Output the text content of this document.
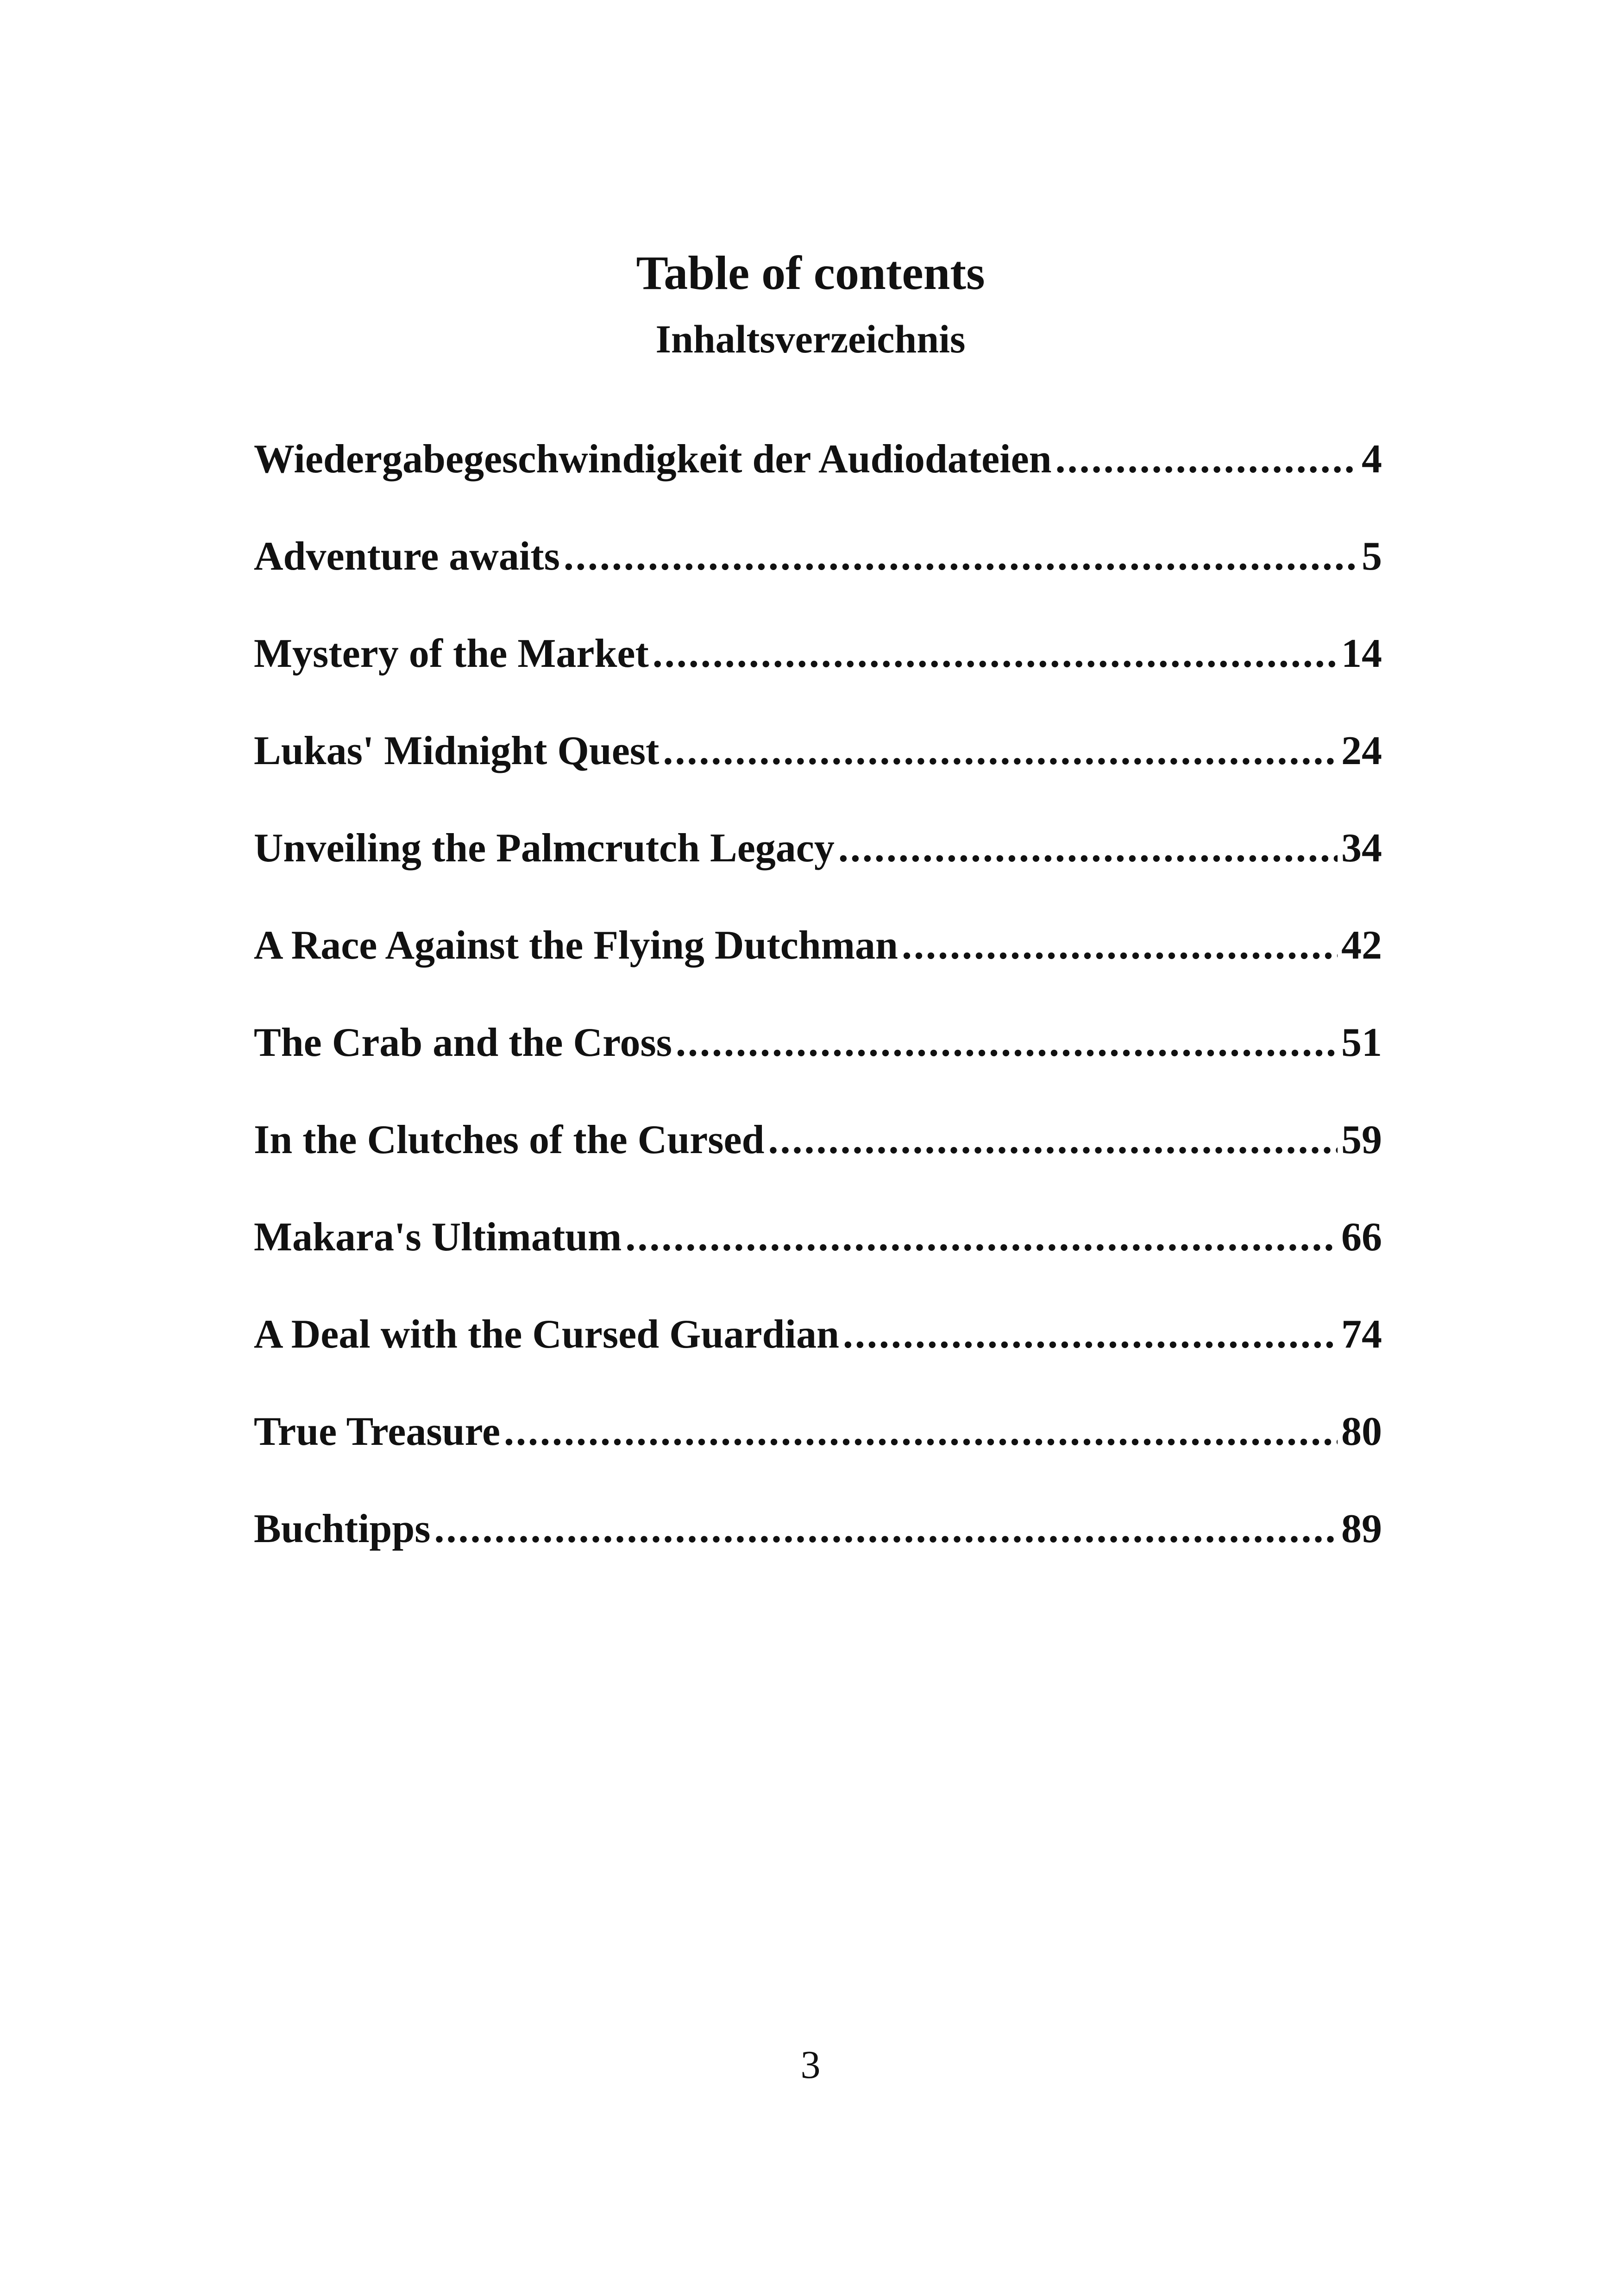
Table of contents
Inhaltsverzeichnis
Wiedergabegeschwindigkeit der Audiodateien .....	4
Adventure awaits .....	5
Mystery of the Market .....	14
Lukas' Midnight Quest .....	24
Unveiling the Palmcrutch Legacy .....	34
A Race Against the Flying Dutchman .....	42
The Crab and the Cross .....	51
In the Clutches of the Cursed .....	59
Makara's Ultimatum .....	66
A Deal with the Cursed Guardian .....	74
True Treasure .....	80
Buchtipps .....	89
3
